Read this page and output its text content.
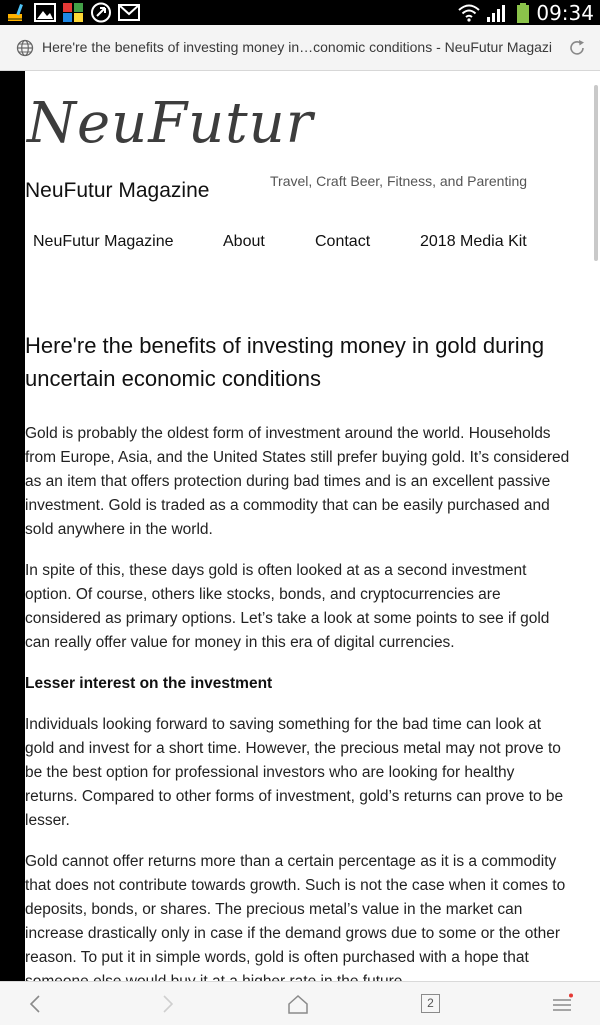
09:34
Here're the benefits of investing money in…conomic conditions - NeuFutur Magazi
NeuFutur
NeuFutur Magazine	Travel, Craft Beer, Fitness, and Parenting
NeuFutur Magazine	About	Contact	2018 Media Kit
Here're the benefits of investing money in gold during uncertain economic conditions

Gold is probably the oldest form of investment around the world. Households from Europe, Asia, and the United States still prefer buying gold. It’s considered as an item that offers protection during bad times and is an excellent passive investment. Gold is traded as a commodity that can be easily purchased and sold anywhere in the world.

In spite of this, these days gold is often looked at as a second investment option. Of course, others like stocks, bonds, and cryptocurrencies are considered as primary options. Let’s take a look at some points to see if gold can really offer value for money in this era of digital currencies.

Lesser interest on the investment

Individuals looking forward to saving something for the bad time can look at gold and invest for a short time. However, the precious metal may not prove to be the best option for professional investors who are looking for healthy returns. Compared to other forms of investment, gold’s returns can prove to be lesser.

Gold cannot offer returns more than a certain percentage as it is a commodity that does not contribute towards growth. Such is not the case when it comes to deposits, bonds, or shares. The precious metal’s value in the market can increase drastically only in case if the demand grows due to some or the other reason. To put it in simple words, gold is often purchased with a hope that

2
